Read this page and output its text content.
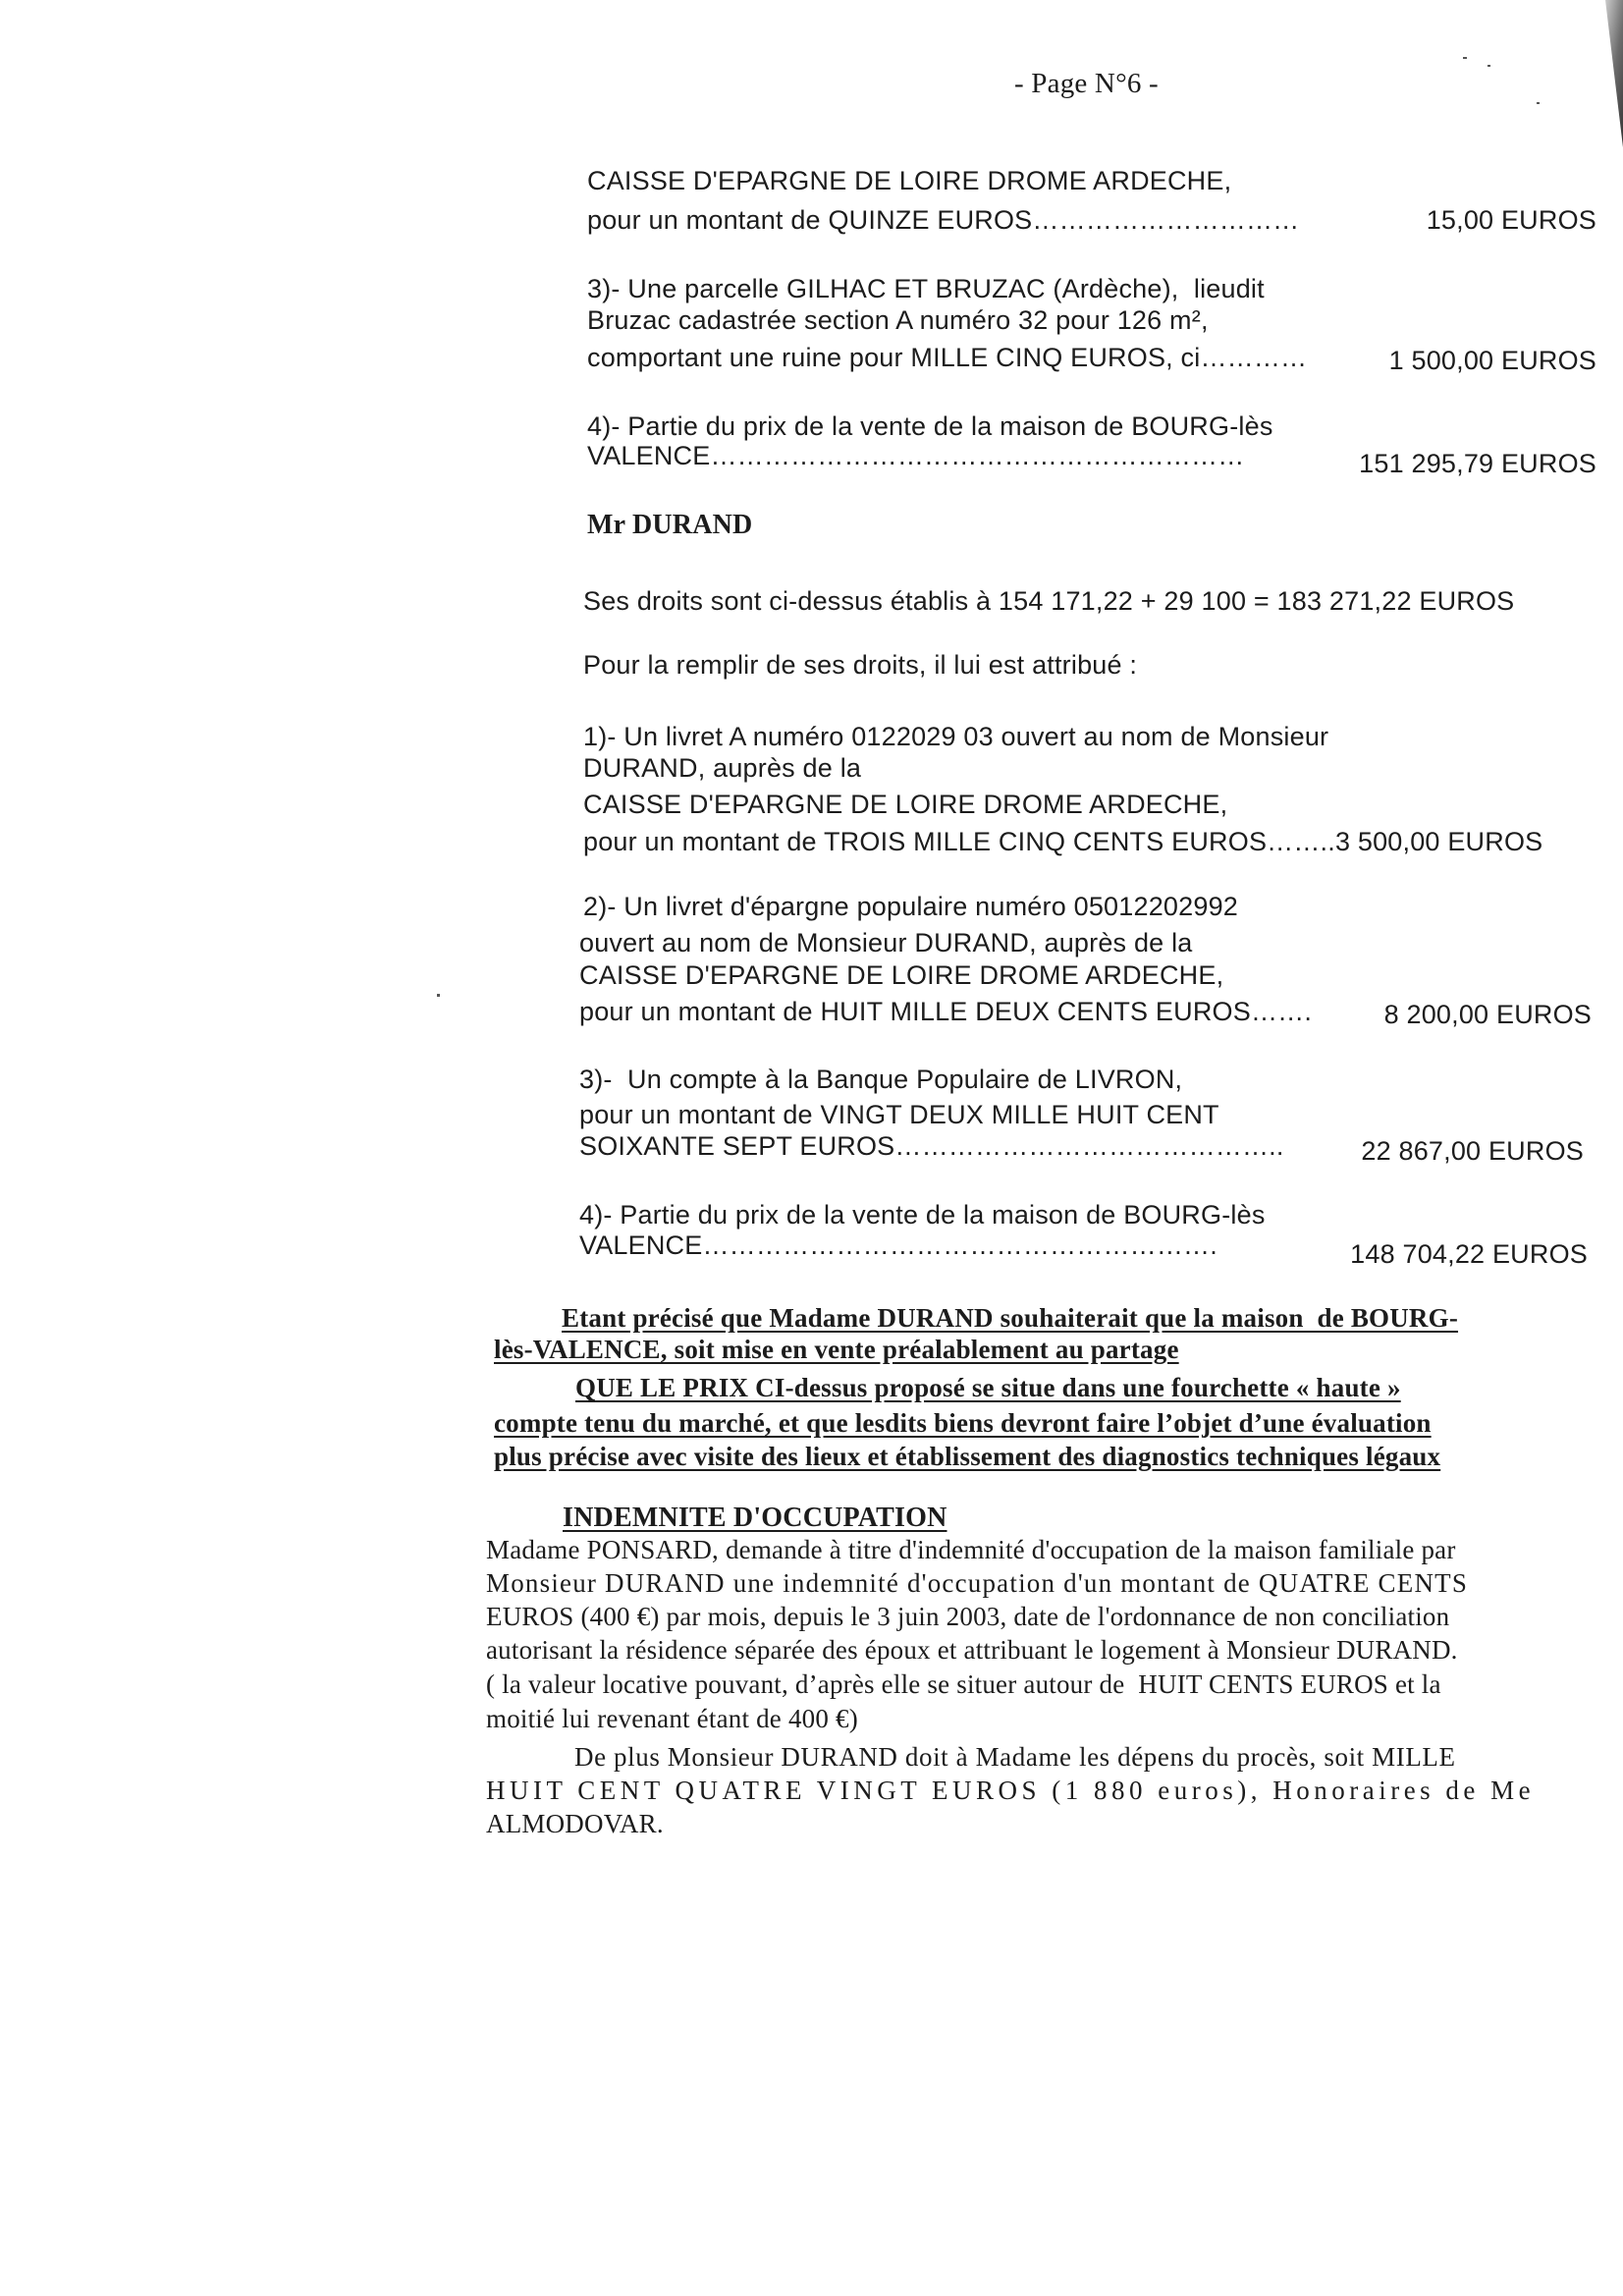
- Page N°6 -
CAISSE D'EPARGNE DE LOIRE DROME ARDECHE,
pour un montant de QUINZE EUROS…………………………	15,00 EUROS
3)- Une parcelle GILHAC ET BRUZAC (Ardèche),  lieudit
Bruzac cadastrée section A numéro 32 pour 126 m²,
comportant une ruine pour MILLE CINQ EUROS, ci…………	1 500,00 EUROS
4)- Partie du prix de la vente de la maison de BOURG-lès
VALENCE……………………………………………………	151 295,79 EUROS
Mr DURAND
Ses droits sont ci-dessus établis à 154 171,22 + 29 100 = 183 271,22 EUROS
Pour la remplir de ses droits, il lui est attribué :
1)- Un livret A numéro 0122029 03 ouvert au nom de Monsieur
DURAND, auprès de la
CAISSE D'EPARGNE DE LOIRE DROME ARDECHE,
pour un montant de TROIS MILLE CINQ CENTS EUROS……..3 500,00 EUROS
2)- Un livret d'épargne populaire numéro 05012202992
ouvert au nom de Monsieur DURAND, auprès de la
CAISSE D'EPARGNE DE LOIRE DROME ARDECHE,
pour un montant de HUIT MILLE DEUX CENTS EUROS…….	8 200,00 EUROS
3)-  Un compte à la Banque Populaire de LIVRON,
pour un montant de VINGT DEUX MILLE HUIT CENT
SOIXANTE SEPT EUROS……………………………………..	22 867,00 EUROS
4)- Partie du prix de la vente de la maison de BOURG-lès
VALENCE………………………………………………….	148 704,22 EUROS
Etant précisé que Madame DURAND souhaiterait que la maison  de BOURG-
lès-VALENCE, soit mise en vente préalablement au partage
QUE LE PRIX CI-dessus proposé se situe dans une fourchette « haute »
compte tenu du marché, et que lesdits biens devront faire l’objet d’une évaluation
plus précise avec visite des lieux et établissement des diagnostics techniques légaux
INDEMNITE D'OCCUPATION
Madame PONSARD, demande à titre d'indemnité d'occupation de la maison familiale par
Monsieur DURAND une indemnité d'occupation d'un montant de QUATRE CENTS
EUROS (400 €) par mois, depuis le 3 juin 2003, date de l'ordonnance de non conciliation
autorisant la résidence séparée des époux et attribuant le logement à Monsieur DURAND.
( la valeur locative pouvant, d’après elle se situer autour de  HUIT CENTS EUROS et la
moitié lui revenant étant de 400 €)
De plus Monsieur DURAND doit à Madame les dépens du procès, soit MILLE
HUIT CENT QUATRE VINGT EUROS (1 880 euros), Honoraires de Me
ALMODOVAR.
